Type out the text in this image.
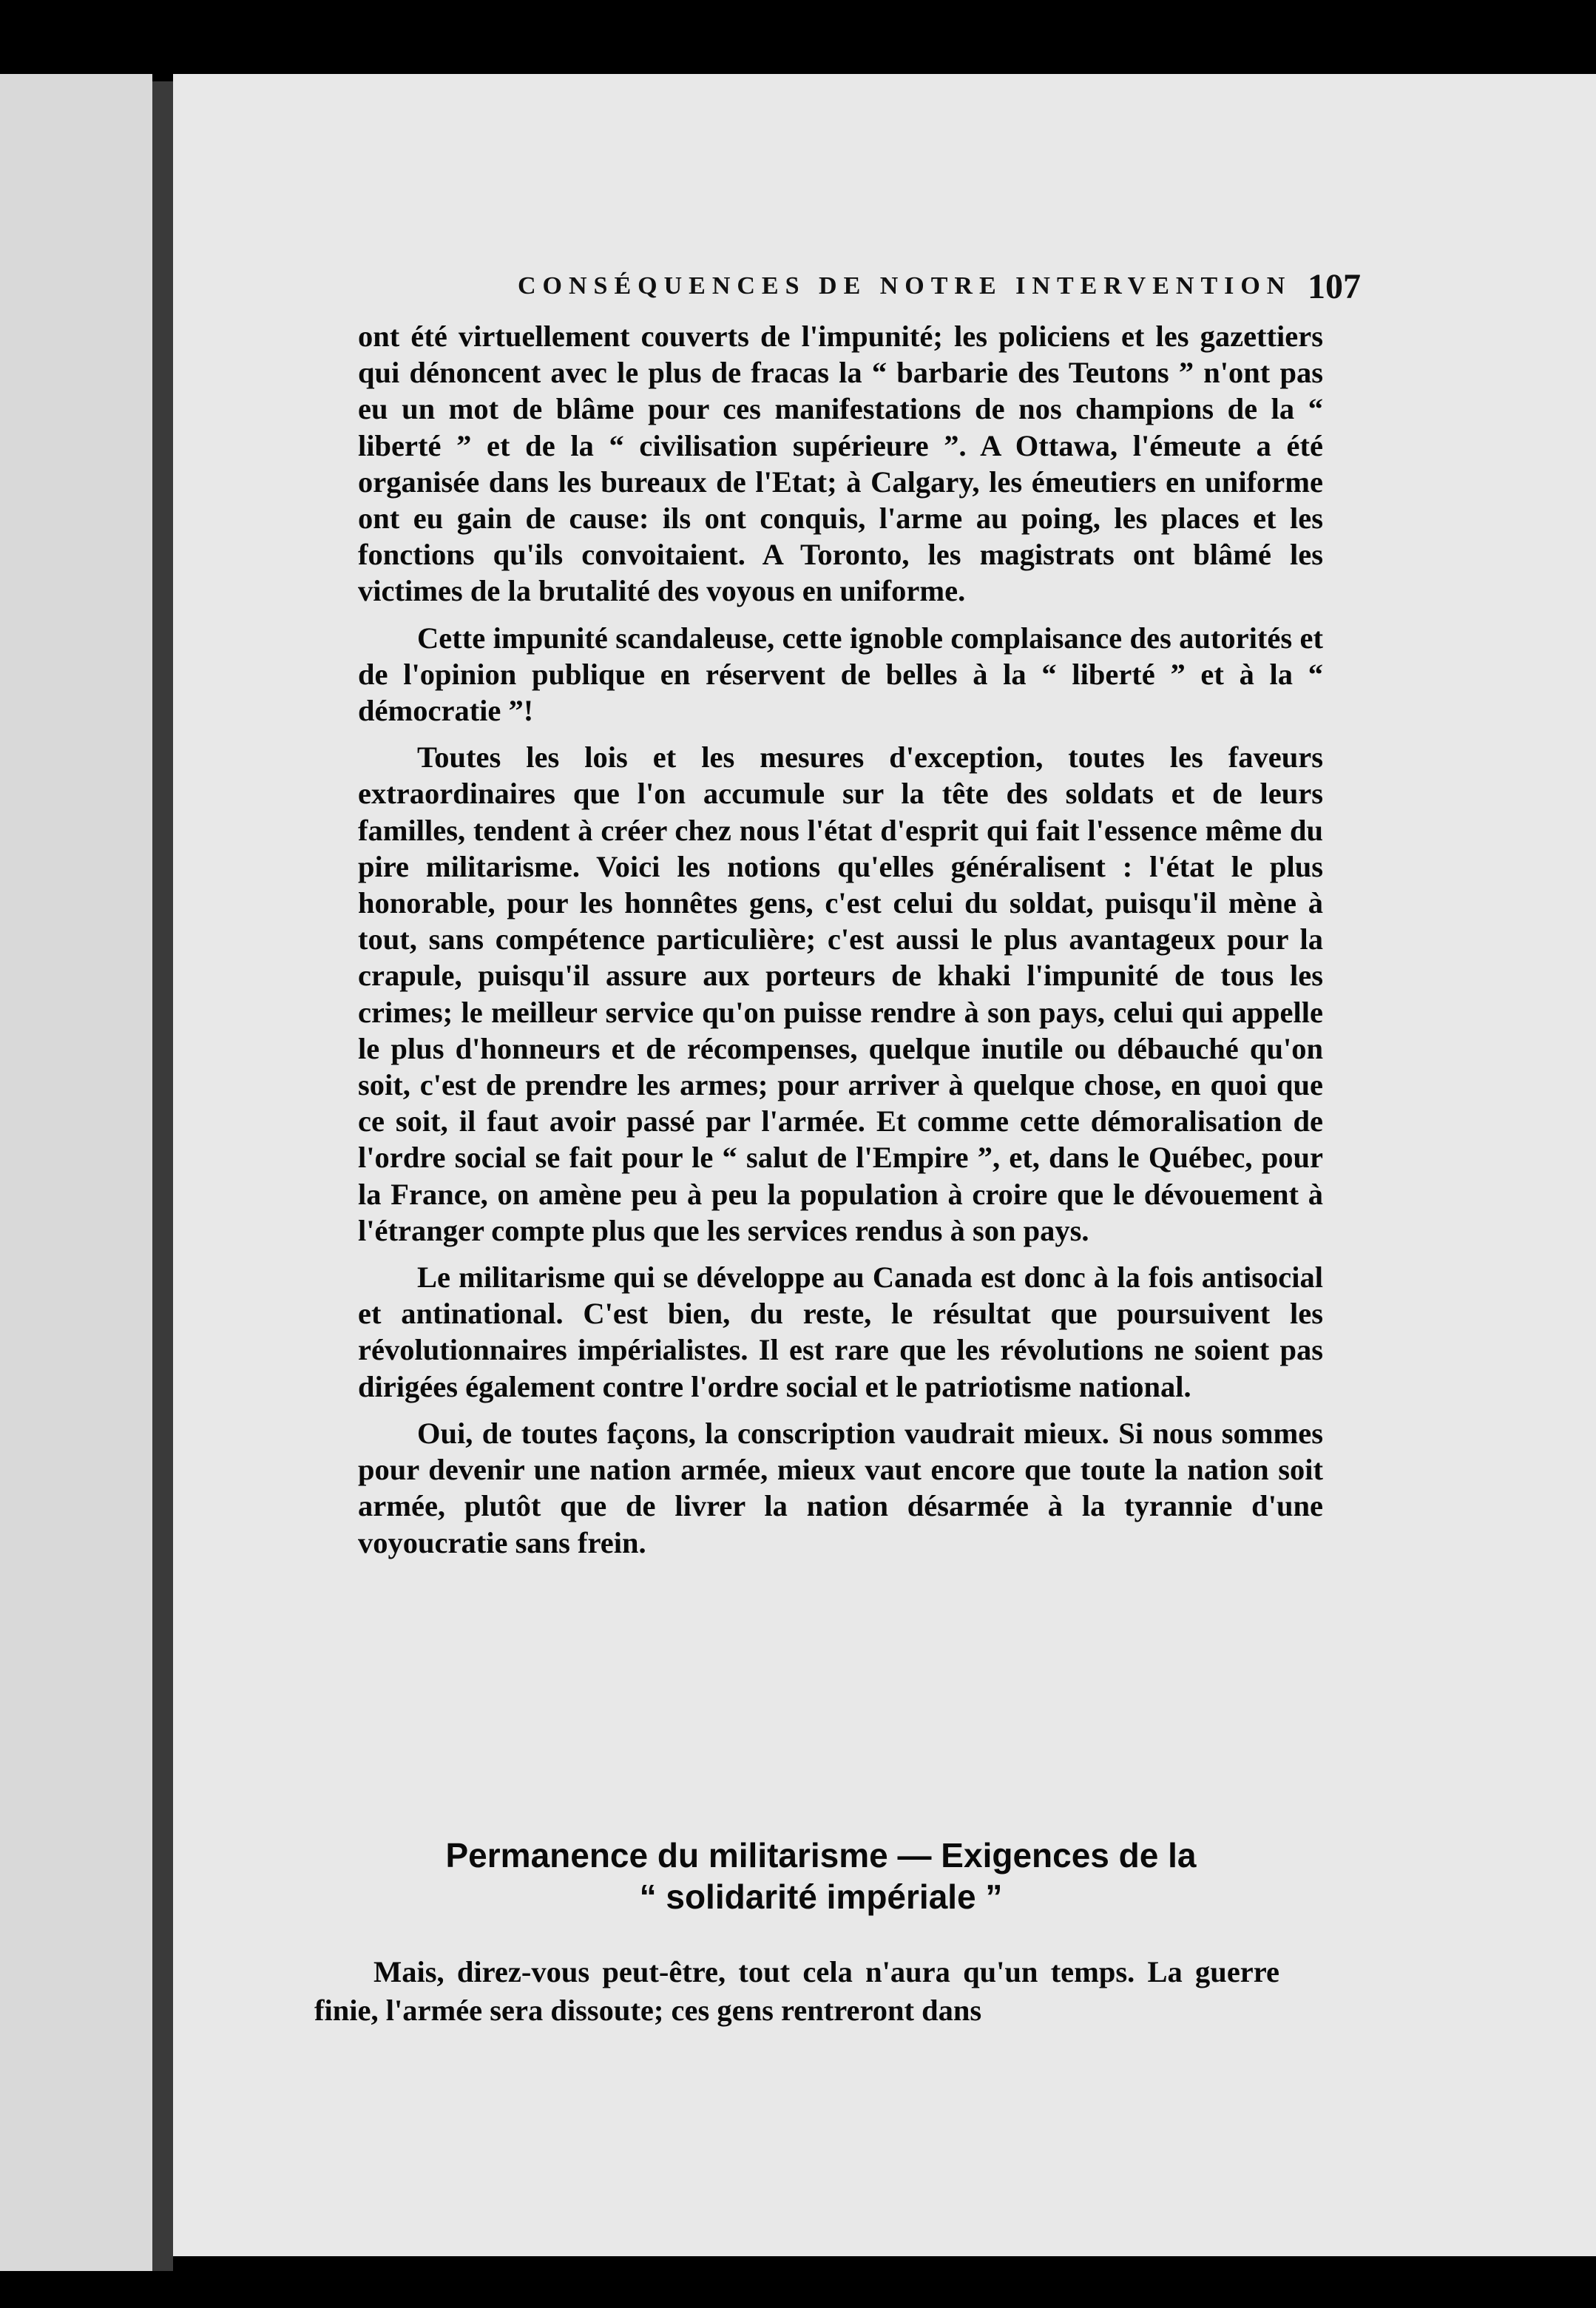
CONSÉQUENCES DE NOTRE INTERVENTION 107

ont été virtuellement couverts de l'impunité; les policiens et les gazettiers qui dénoncent avec le plus de fracas la “ barbarie des Teutons ” n'ont pas eu un mot de blâme pour ces manifestations de nos champions de la “ liberté ” et de la “ civilisation supérieure ”. A Ottawa, l'émeute a été organisée dans les bureaux de l'Etat; à Calgary, les émeutiers en uniforme ont eu gain de cause: ils ont conquis, l'arme au poing, les places et les fonctions qu'ils convoitaient. A Toronto, les magistrats ont blâmé les victimes de la brutalité des voyous en uniforme.

Cette impunité scandaleuse, cette ignoble complaisance des autorités et de l'opinion publique en réservent de belles à la “ liberté ” et à la “ démocratie ”!

Toutes les lois et les mesures d'exception, toutes les faveurs extraordinaires que l'on accumule sur la tête des soldats et de leurs familles, tendent à créer chez nous l'état d'esprit qui fait l'essence même du pire militarisme. Voici les notions qu'elles généralisent : l'état le plus honorable, pour les honnêtes gens, c'est celui du soldat, puisqu'il mène à tout, sans compétence particulière; c'est aussi le plus avantageux pour la crapule, puisqu'il assure aux porteurs de khaki l'impunité de tous les crimes; le meilleur service qu'on puisse rendre à son pays, celui qui appelle le plus d'honneurs et de récompenses, quelque inutile ou débauché qu'on soit, c'est de prendre les armes; pour arriver à quelque chose, en quoi que ce soit, il faut avoir passé par l'armée. Et comme cette démoralisation de l'ordre social se fait pour le “ salut de l'Empire ”, et, dans le Québec, pour la France, on amène peu à peu la population à croire que le dévouement à l'étranger compte plus que les services rendus à son pays.

Le militarisme qui se développe au Canada est donc à la fois antisocial et antinational. C'est bien, du reste, le résultat que poursuivent les révolutionnaires impérialistes. Il est rare que les révolutions ne soient pas dirigées également contre l'ordre social et le patriotisme national.

Oui, de toutes façons, la conscription vaudrait mieux. Si nous sommes pour devenir une nation armée, mieux vaut encore que toute la nation soit armée, plutôt que de livrer la nation désarmée à la tyrannie d'une voyoucratie sans frein.

Permanence du militarisme — Exigences de la
“ solidarité impériale ”

Mais, direz-vous peut-être, tout cela n'aura qu'un temps. La guerre finie, l'armée sera dissoute; ces gens rentreront dans
